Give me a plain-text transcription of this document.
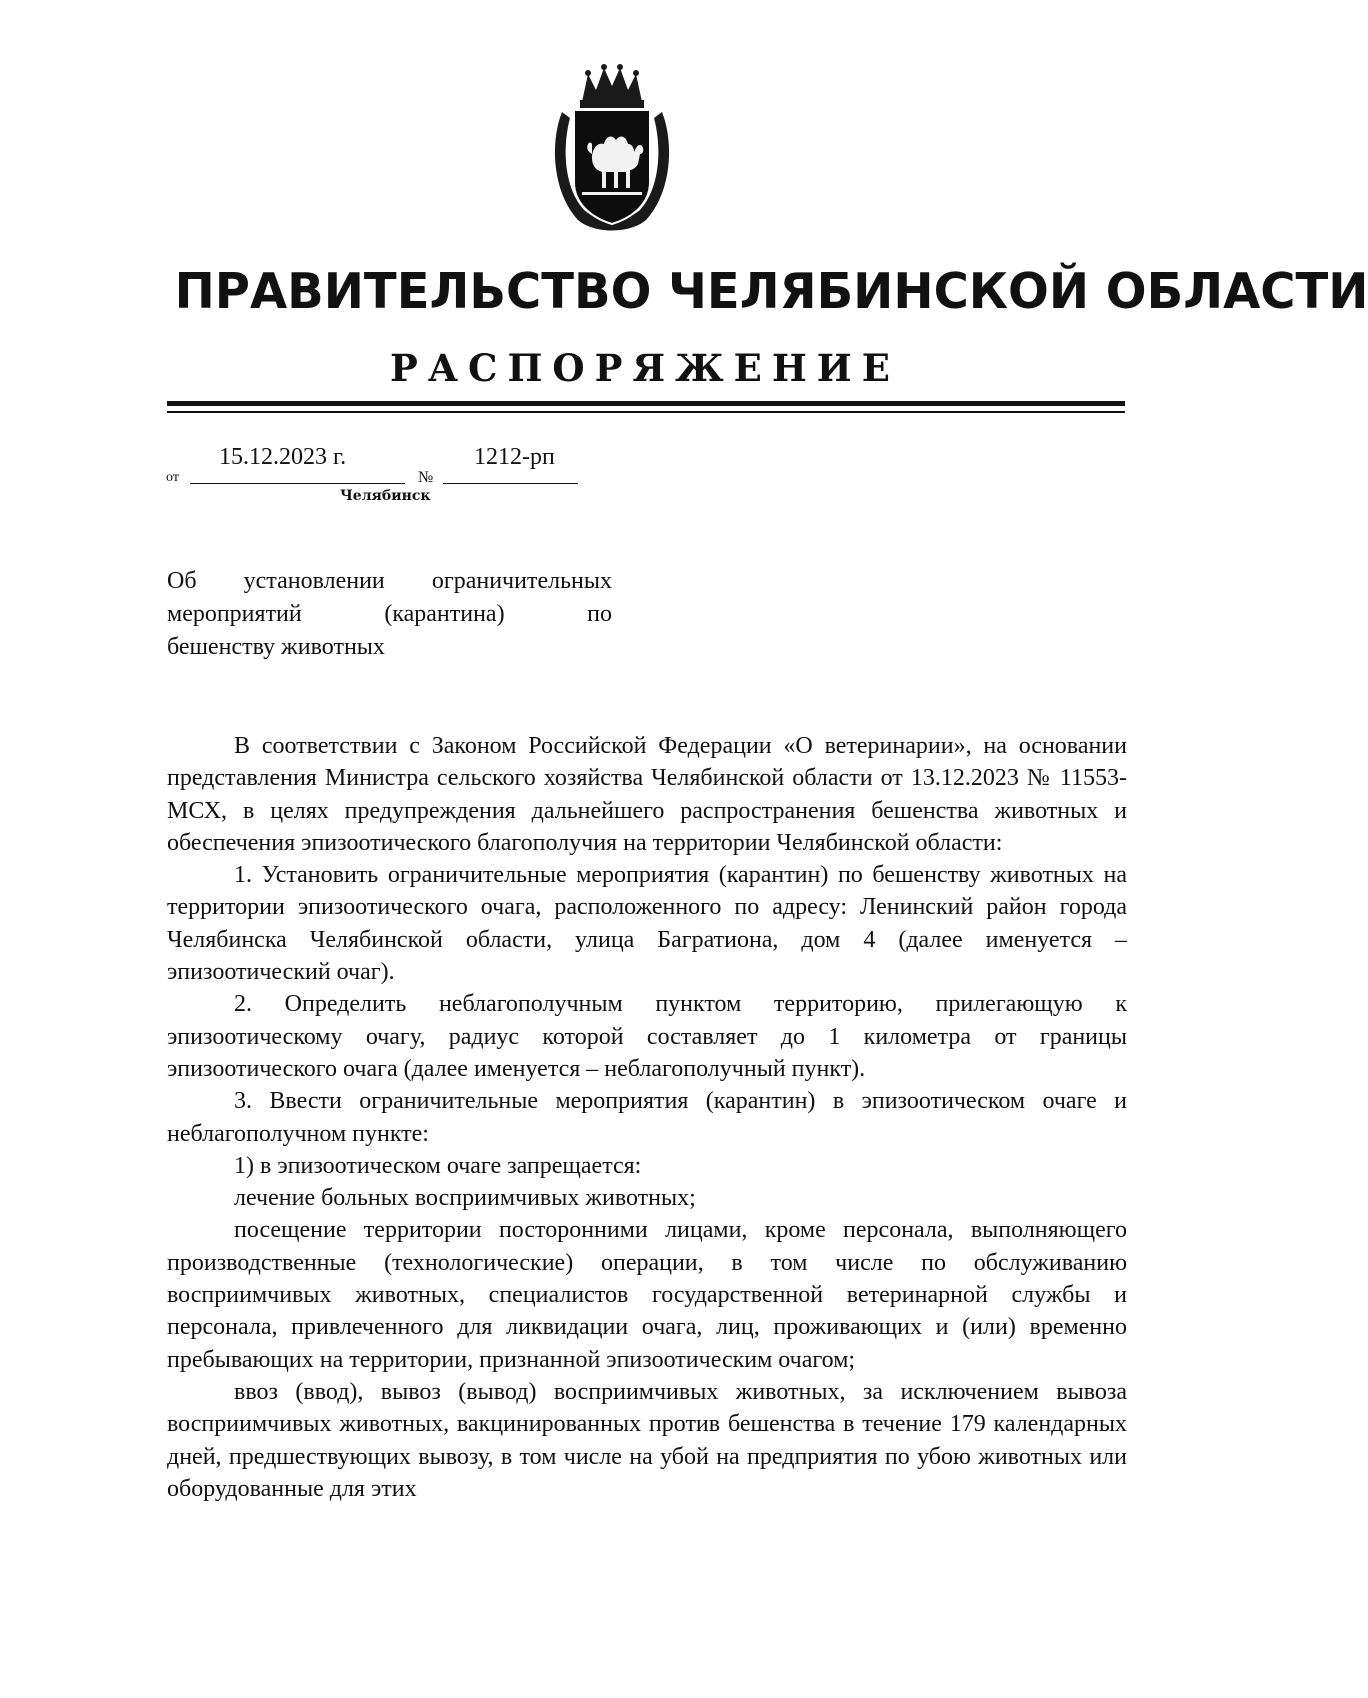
ПРАВИТЕЛЬСТВО ЧЕЛЯБИНСКОЙ ОБЛАСТИ
РАСПОРЯЖЕНИЕ
от
15.12.2023 г.
№
1212-рп
Челябинск
Об установлении ограничительных
мероприятий (карантина) по
бешенству животных

В соответствии с Законом Российской Федерации «О ветеринарии», на основании представления Министра сельского хозяйства Челябинской области от 13.12.2023 № 11553-МСХ, в целях предупреждения дальнейшего распространения бешенства животных и обеспечения эпизоотического благополучия на территории Челябинской области:

1. Установить ограничительные мероприятия (карантин) по бешенству животных на территории эпизоотического очага, расположенного по адресу: Ленинский район города Челябинска Челябинской области, улица Багратиона, дом 4 (далее именуется – эпизоотический очаг).

2. Определить неблагополучным пунктом территорию, прилегающую к эпизоотическому очагу, радиус которой составляет до 1 километра от границы эпизоотического очага (далее именуется – неблагополучный пункт).

3. Ввести ограничительные мероприятия (карантин) в эпизоотическом очаге и неблагополучном пункте:

1) в эпизоотическом очаге запрещается:

лечение больных восприимчивых животных;

посещение территории посторонними лицами, кроме персонала, выполняющего производственные (технологические) операции, в том числе по обслуживанию восприимчивых животных, специалистов государственной ветеринарной службы и персонала, привлеченного для ликвидации очага, лиц, проживающих и (или) временно пребывающих на территории, признанной эпизоотическим очагом;

ввоз (ввод), вывоз (вывод) восприимчивых животных, за исключением вывоза восприимчивых животных, вакцинированных против бешенства в течение 179 календарных дней, предшествующих вывозу, в том числе на убой на предприятия по убою животных или оборудованные для этих
